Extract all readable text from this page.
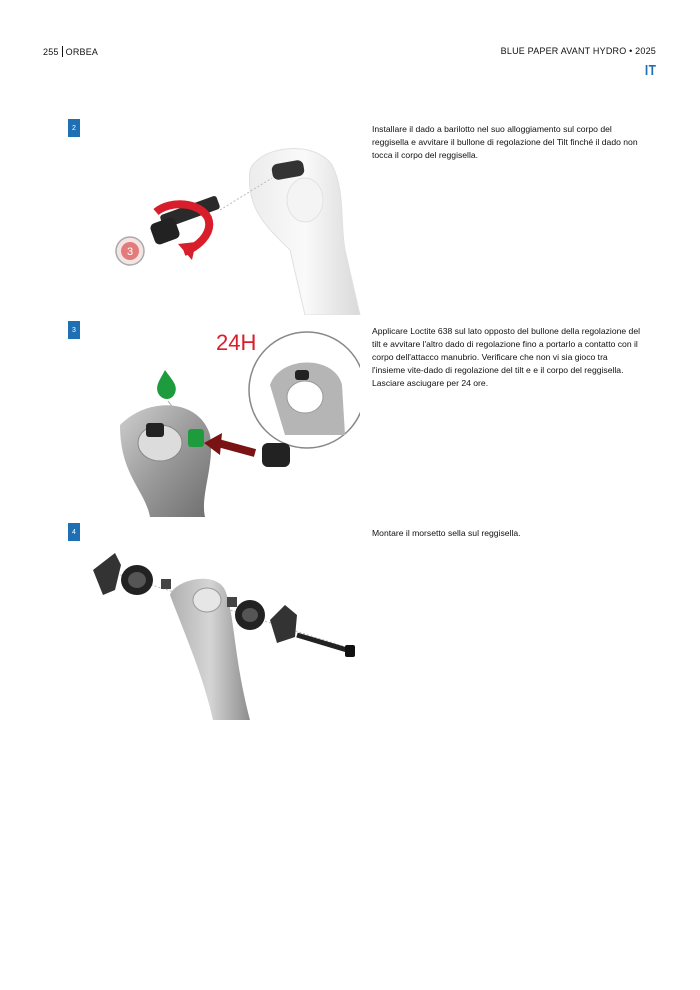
255 ORBEA	BLUE PAPER AVANT HYDRO • 2025
IT
2	Installare il dado a barilotto nel suo alloggiamento sul corpo del reggisella e avvitare il bullone di regolazione del Tilt finché il dado non tocca il corpo del reggisella.
3
3	Applicare Loctite 638 sul lato opposto del bullone della regolazione del tilt e avvitare l'altro dado di regolazione fino a portarlo a contatto con il corpo dell'attacco manubrio. Verificare che non vi sia gioco tra l'insieme vite-dado di regolazione del tilt e e il corpo del reggisella. Lasciare asciugare per 24 ore.
24H
4	Montare il morsetto sella sul reggisella.
